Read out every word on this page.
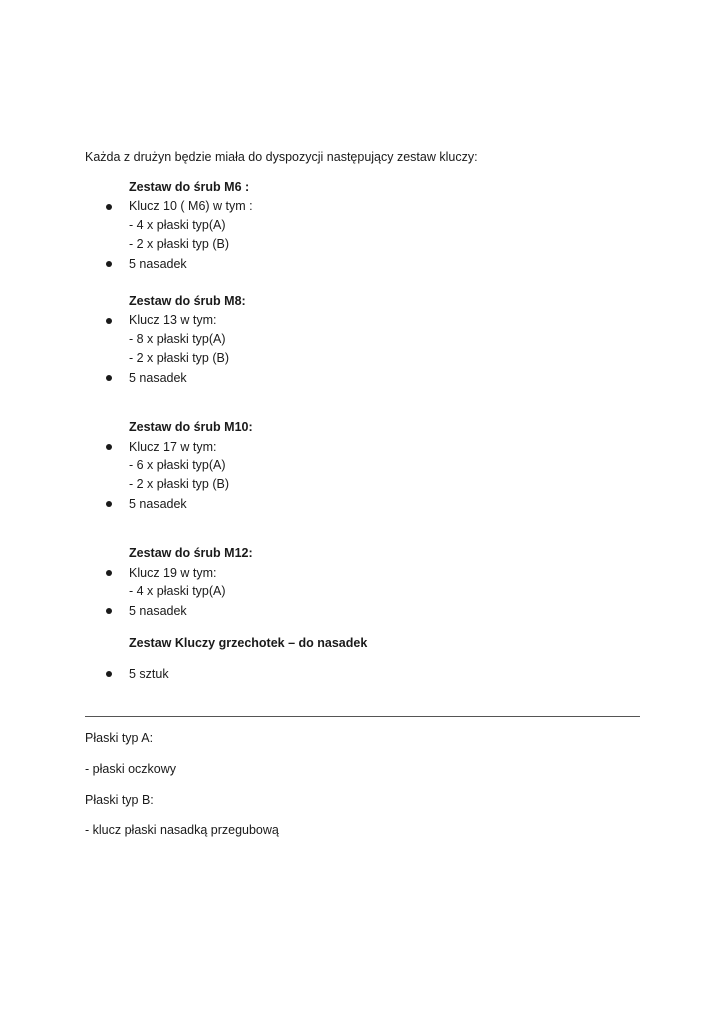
Każda z drużyn będzie miała do dyspozycji następujący zestaw kluczy:
Zestaw do śrub M6 :
Klucz 10 ( M6) w tym :
- 4 x płaski typ(A)
- 2 x płaski typ (B)
5 nasadek
Zestaw do śrub M8:
Klucz 13 w tym:
- 8 x płaski typ(A)
- 2 x płaski typ (B)
5 nasadek
Zestaw do śrub M10:
Klucz 17 w tym:
- 6 x płaski typ(A)
- 2 x płaski typ (B)
5 nasadek
Zestaw do śrub M12:
Klucz 19 w tym:
- 4 x płaski typ(A)
5 nasadek
Zestaw Kluczy grzechotek – do nasadek
5 sztuk
Płaski typ A:
- płaski oczkowy
Płaski typ B:
- klucz płaski nasadką przegubową
